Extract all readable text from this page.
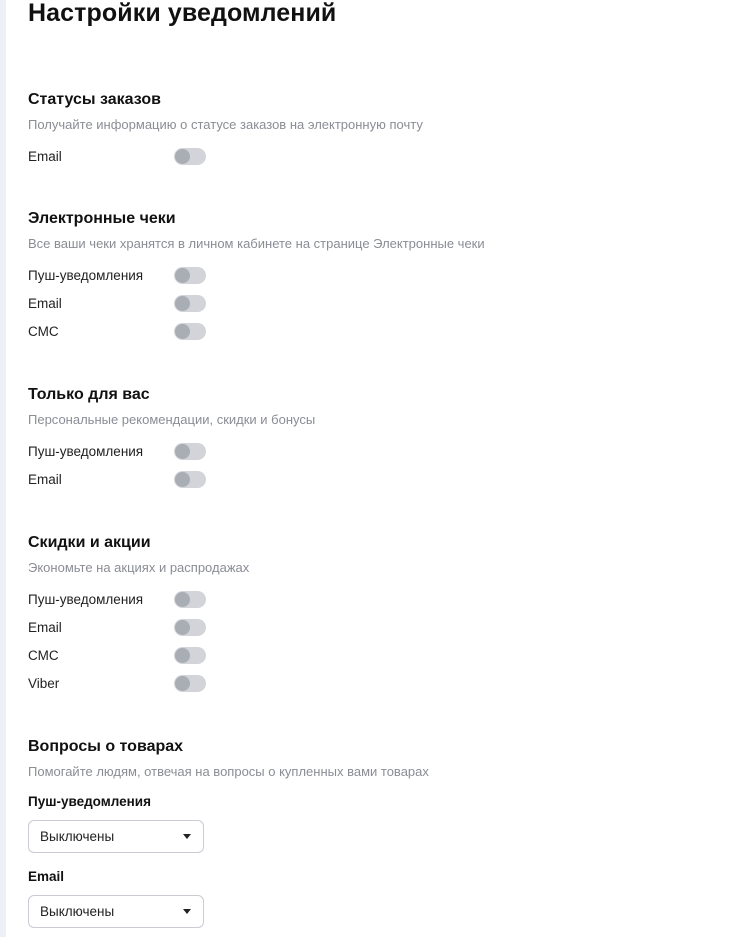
Настройки уведомлений
Статусы заказов
Получайте информацию о статусе заказов на электронную почту
Email
Электронные чеки
Все ваши чеки хранятся в личном кабинете на странице Электронные чеки
Пуш-уведомления
Email
СМС
Только для вас
Персональные рекомендации, скидки и бонусы
Пуш-уведомления
Email
Скидки и акции
Экономьте на акциях и распродажах
Пуш-уведомления
Email
СМС
Viber
Вопросы о товарах
Помогайте людям, отвечая на вопросы о купленных вами товарах
Пуш-уведомления
Выключены
Email
Выключены
